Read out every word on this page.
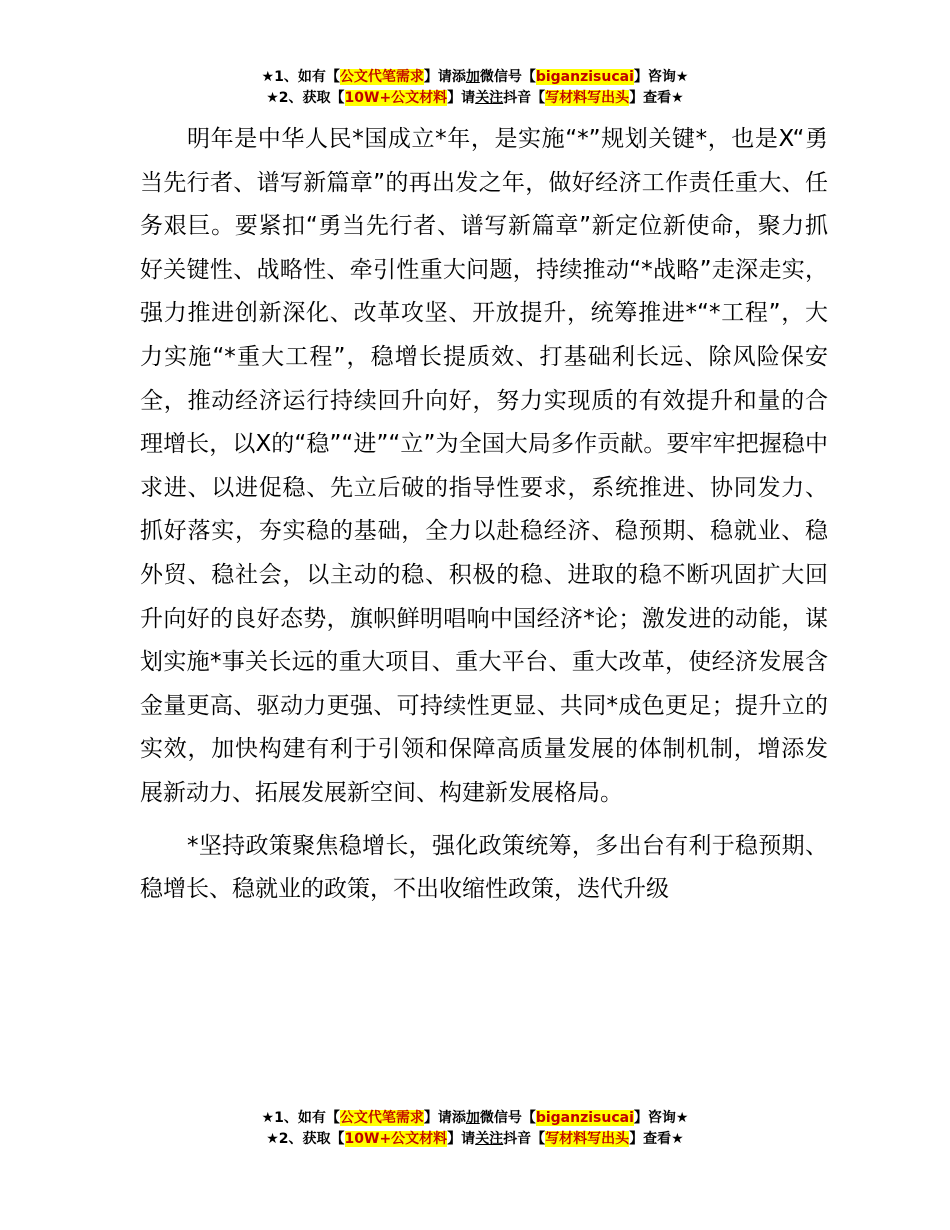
★1、如有【公文代笔需求】请添加微信号【biganzisucai】咨询★
★2、获取【10W+公文材料】请关注抖音【写材料写出头】查看★

明年是中华人民*国成立*年，是实施“*”规划关键*，也是X“勇当先行者、谱写新篇章”的再出发之年，做好经济工作责任重大、任务艰巨。要紧扣“勇当先行者、谱写新篇章”新定位新使命，聚力抓好关键性、战略性、牵引性重大问题，持续推动“*战略”走深走实，强力推进创新深化、改革攻坚、开放提升，统筹推进*“*工程”，大力实施“*重大工程”，稳增长提质效、打基础利长远、除风险保安全，推动经济运行持续回升向好，努力实现质的有效提升和量的合理增长，以X的“稳”“进”“立”为全国大局多作贡献。要牢牢把握稳中求进、以进促稳、先立后破的指导性要求，系统推进、协同发力、抓好落实，夯实稳的基础，全力以赴稳经济、稳预期、稳就业、稳外贸、稳社会，以主动的稳、积极的稳、进取的稳不断巩固扩大回升向好的良好态势，旗帜鲜明唱响中国经济*论；激发进的动能，谋划实施*事关长远的重大项目、重大平台、重大改革，使经济发展含金量更高、驱动力更强、可持续性更显、共同*成色更足；提升立的实效，加快构建有利于引领和保障高质量发展的体制机制，增添发展新动力、拓展发展新空间、构建新发展格局。

*坚持政策聚焦稳增长，强化政策统筹，多出台有利于稳预期、稳增长、稳就业的政策，不出收缩性政策，迭代升级

★1、如有【公文代笔需求】请添加微信号【biganzisucai】咨询★
★2、获取【10W+公文材料】请关注抖音【写材料写出头】查看★
